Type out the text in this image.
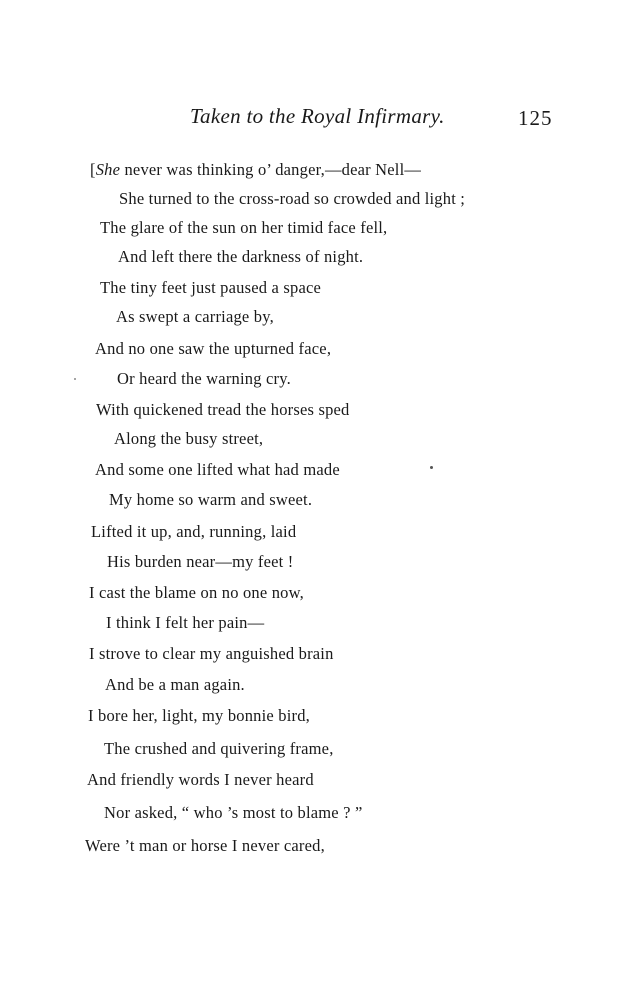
Taken to the Royal Infirmary.	125
[She never was thinking o’ danger,—dear Nell—
She turned to the cross-road so crowded and light ;
The glare of the sun on her timid face fell,
And left there the darkness of night.
The tiny feet just paused a space
As swept a carriage by,
And no one saw the upturned face,
Or heard the warning cry.
With quickened tread the horses sped
Along the busy street,
And some one lifted what had made
My home so warm and sweet.
Lifted it up, and, running, laid
His burden near—my feet !
I cast the blame on no one now,
I think I felt her pain—
I strove to clear my anguished brain
And be a man again.
I bore her, light, my bonnie bird,
The crushed and quivering frame,
And friendly words I never heard
Nor asked, “ who ’s most to blame ? ”
Were ’t man or horse I never cared,
